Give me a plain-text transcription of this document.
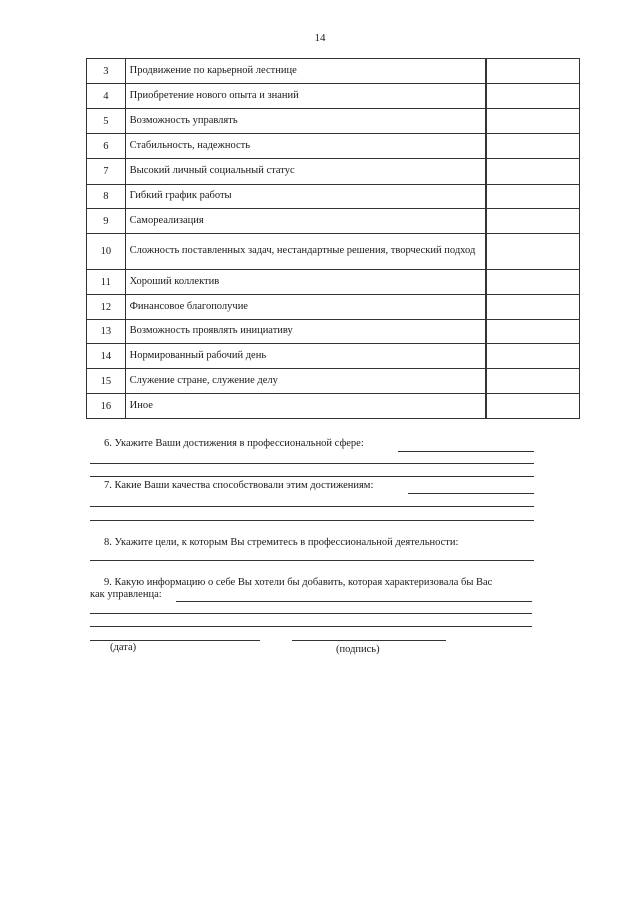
14
3	Продвижение по карьерной лестнице		
4	Приобретение нового опыта и знаний		
5	Возможность управлять		
6	Стабильность, надежность		
7	Высокий личный социальный статус		
8	Гибкий график работы		
9	Самореализация		
10	Сложность поставленных задач, нестандартные решения, творческий подход		
11	Хороший коллектив		
12	Финансовое благополучие		
13	Возможность проявлять инициативу		
14	Нормированный рабочий день		
15	Служение стране, служение делу		
16	Иное		
6. Укажите Ваши достижения в профессиональной сфере:
7. Какие Ваши качества способствовали этим достижениям:
8. Укажите цели, к которым Вы стремитесь в профессиональной деятельности:
9. Какую информацию о себе Вы хотели бы добавить, которая характеризовала бы Вас
как управленца:
(дата)	(подпись)
